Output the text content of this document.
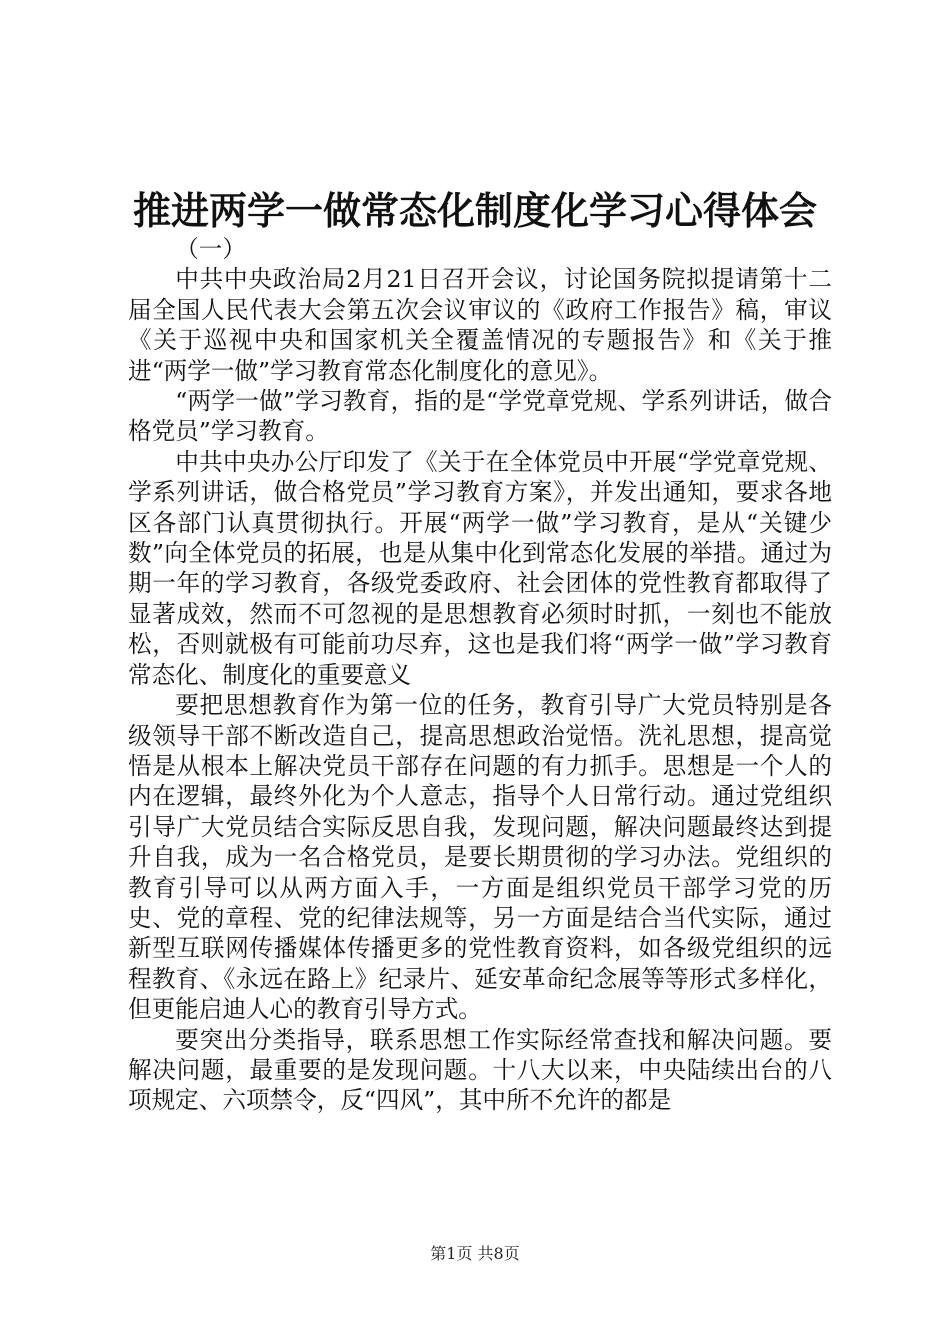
推进两学一做常态化制度化学习心得体会

（一）

中共中央政治局2月21日召开会议，讨论国务院拟提请第十二届全国人民代表大会第五次会议审议的《政府工作报告》稿，审议《关于巡视中央和国家机关全覆盖情况的专题报告》和《关于推进“两学一做”学习教育常态化制度化的意见》。

“两学一做”学习教育，指的是“学党章党规、学系列讲话，做合格党员”学习教育。

中共中央办公厅印发了《关于在全体党员中开展“学党章党规、学系列讲话，做合格党员”学习教育方案》，并发出通知，要求各地区各部门认真贯彻执行。开展“两学一做”学习教育，是从“关键少数”向全体党员的拓展，也是从集中化到常态化发展的举措。通过为期一年的学习教育，各级党委政府、社会团体的党性教育都取得了显著成效，然而不可忽视的是思想教育必须时时抓，一刻也不能放松，否则就极有可能前功尽弃，这也是我们将“两学一做”学习教育常态化、制度化的重要意义

要把思想教育作为第一位的任务，教育引导广大党员特别是各级领导干部不断改造自己，提高思想政治觉悟。洗礼思想，提高觉悟是从根本上解决党员干部存在问题的有力抓手。思想是一个人的内在逻辑，最终外化为个人意志，指导个人日常行动。通过党组织引导广大党员结合实际反思自我，发现问题，解决问题最终达到提升自我，成为一名合格党员，是要长期贯彻的学习办法。党组织的教育引导可以从两方面入手，一方面是组织党员干部学习党的历史、党的章程、党的纪律法规等，另一方面是结合当代实际，通过新型互联网传播媒体传播更多的党性教育资料，如各级党组织的远程教育、《永远在路上》纪录片、延安革命纪念展等等形式多样化，但更能启迪人心的教育引导方式。

要突出分类指导，联系思想工作实际经常查找和解决问题。要解决问题，最重要的是发现问题。十八大以来，中央陆续出台的八项规定、六项禁令，反“四风”，其中所不允许的都是

第1页 共8页
